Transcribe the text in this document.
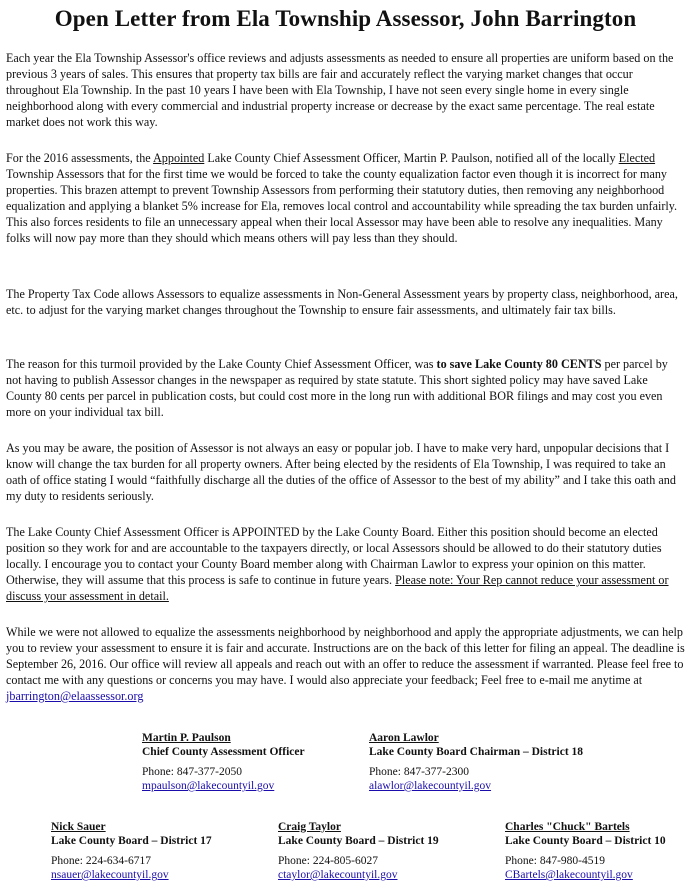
Open Letter from Ela Township Assessor, John Barrington
Each year the Ela Township Assessor's office reviews and adjusts assessments as needed to ensure all properties are uniform based on the previous 3 years of sales. This ensures that property tax bills are fair and accurately reflect the varying market changes that occur throughout Ela Township. In the past 10 years I have been with Ela Township, I have not seen every single home in every single neighborhood along with every commercial and industrial property increase or decrease by the exact same percentage. The real estate market does not work this way.
For the 2016 assessments, the Appointed Lake County Chief Assessment Officer, Martin P. Paulson, notified all of the locally Elected Township Assessors that for the first time we would be forced to take the county equalization factor even though it is incorrect for many properties. This brazen attempt to prevent Township Assessors from performing their statutory duties, then removing any neighborhood equalization and applying a blanket 5% increase for Ela, removes local control and accountability while spreading the tax burden unfairly. This also forces residents to file an unnecessary appeal when their local Assessor may have been able to resolve any inequalities. Many folks will now pay more than they should which means others will pay less than they should.
The Property Tax Code allows Assessors to equalize assessments in Non-General Assessment years by property class, neighborhood, area, etc. to adjust for the varying market changes throughout the Township to ensure fair assessments, and ultimately fair tax bills.
The reason for this turmoil provided by the Lake County Chief Assessment Officer, was to save Lake County 80 CENTS per parcel by not having to publish Assessor changes in the newspaper as required by state statute. This short sighted policy may have saved Lake County 80 cents per parcel in publication costs, but could cost more in the long run with additional BOR filings and may cost you even more on your individual tax bill.
As you may be aware, the position of Assessor is not always an easy or popular job. I have to make very hard, unpopular decisions that I know will change the tax burden for all property owners. After being elected by the residents of Ela Township, I was required to take an oath of office stating I would “faithfully discharge all the duties of the office of Assessor to the best of my ability” and I take this oath and my duty to residents seriously.
The Lake County Chief Assessment Officer is APPOINTED by the Lake County Board. Either this position should become an elected position so they work for and are accountable to the taxpayers directly, or local Assessors should be allowed to do their statutory duties locally. I encourage you to contact your County Board member along with Chairman Lawlor to express your opinion on this matter. Otherwise, they will assume that this process is safe to continue in future years. Please note: Your Rep cannot reduce your assessment or discuss your assessment in detail.
While we were not allowed to equalize the assessments neighborhood by neighborhood and apply the appropriate adjustments, we can help you to review your assessment to ensure it is fair and accurate. Instructions are on the back of this letter for filing an appeal. The deadline is September 26, 2016. Our office will review all appeals and reach out with an offer to reduce the assessment if warranted. Please feel free to contact me with any questions or concerns you may have. I would also appreciate your feedback; Feel free to e-mail me anytime at jbarrington@elaassessor.org
Martin P. Paulson
Chief County Assessment Officer
Phone: 847-377-2050
mpaulson@lakecountyil.gov
Aaron Lawlor
Lake County Board Chairman – District 18
Phone: 847-377-2300
alawlor@lakecountyil.gov
Nick Sauer
Lake County Board – District 17
Phone: 224-634-6717
nsauer@lakecountyil.gov
Craig Taylor
Lake County Board – District 19
Phone: 224-805-6027
ctaylor@lakecountyil.gov
Charles "Chuck" Bartels
Lake County Board – District 10
Phone: 847-980-4519
CBartels@lakecountyil.gov
